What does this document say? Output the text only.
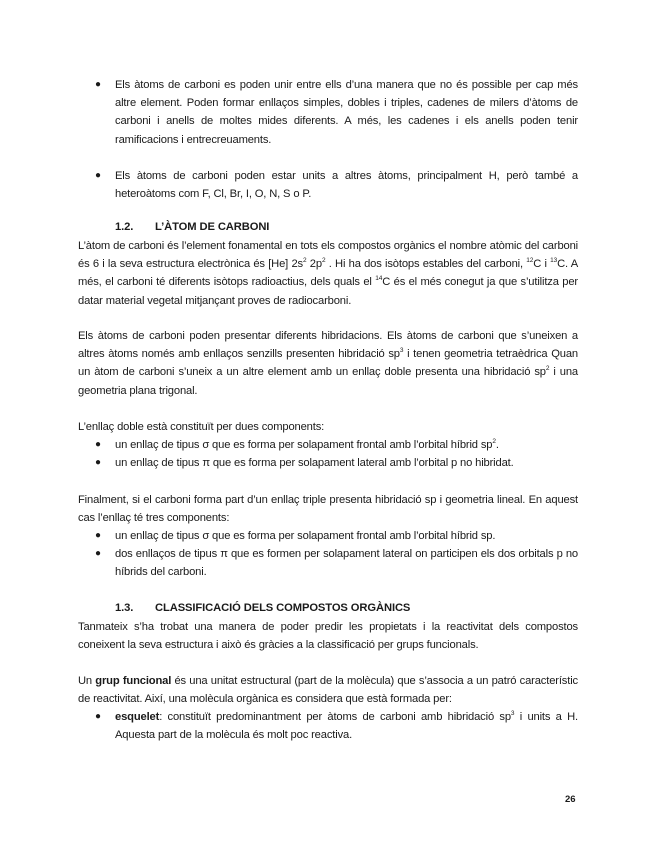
● Els àtoms de carboni es poden unir entre ells d’una manera que no és possible per cap més altre element. Poden formar enllaços simples, dobles i triples, cadenes de milers d’àtoms de carboni i anells de moltes mides diferents. A més, les cadenes i els anells poden tenir ramificacions i entrecreuaments.
● Els àtoms de carboni poden estar units a altres àtoms, principalment H, però també a heteroàtoms com F, Cl, Br, I, O, N, S o P.
1.2. L’ÀTOM DE CARBONI
L’àtom de carboni és l’element fonamental en tots els compostos orgànics el nombre atòmic del carboni és 6 i la seva estructura electrònica és [He] $2s^2$ $2p^2$ . Hi ha dos isòtops estables del carboni, $^{12}$C i $^{13}$C. A més, el carboni té diferents isòtops radioactius, dels quals el $^{14}$C és el més conegut ja que s’utilitza per datar material vegetal mitjançant proves de radiocarboni.
Els àtoms de carboni poden presentar diferents hibridacions. Els àtoms de carboni que s’uneixen a altres àtoms només amb enllaços senzills presenten hibridació $sp^3$ i tenen geometria tetraèdrica Quan un àtom de carboni s’uneix a un altre element amb un enllaç doble presenta una hibridació $sp^2$ i una geometria plana trigonal.
L’enllaç doble està constituït per dues components:
● un enllaç de tipus σ que es forma per solapament frontal amb l’orbital híbrid $sp^2$.
● un enllaç de tipus π que es forma per solapament lateral amb l’orbital p no hibridat.
Finalment, si el carboni forma part d’un enllaç triple presenta hibridació sp i geometria lineal. En aquest cas l’enllaç té tres components:
● un enllaç de tipus σ que es forma per solapament frontal amb l’orbital híbrid sp.
● dos enllaços de tipus π que es formen per solapament lateral on participen els dos orbitals p no híbrids del carboni.
1.3. CLASSIFICACIÓ DELS COMPOSTOS ORGÀNICS
Tanmateix s’ha trobat una manera de poder predir les propietats i la reactivitat dels compostos coneixent la seva estructura i això és gràcies a la classificació per grups funcionals.
Un grup funcional és una unitat estructural (part de la molècula) que s’associa a un patró característic de reactivitat. Així, una molècula orgànica es considera que està formada per:
● esquelet: constituït predominantment per àtoms de carboni amb hibridació $sp^3$ i units a H. Aquesta part de la molècula és molt poc reactiva.
26
